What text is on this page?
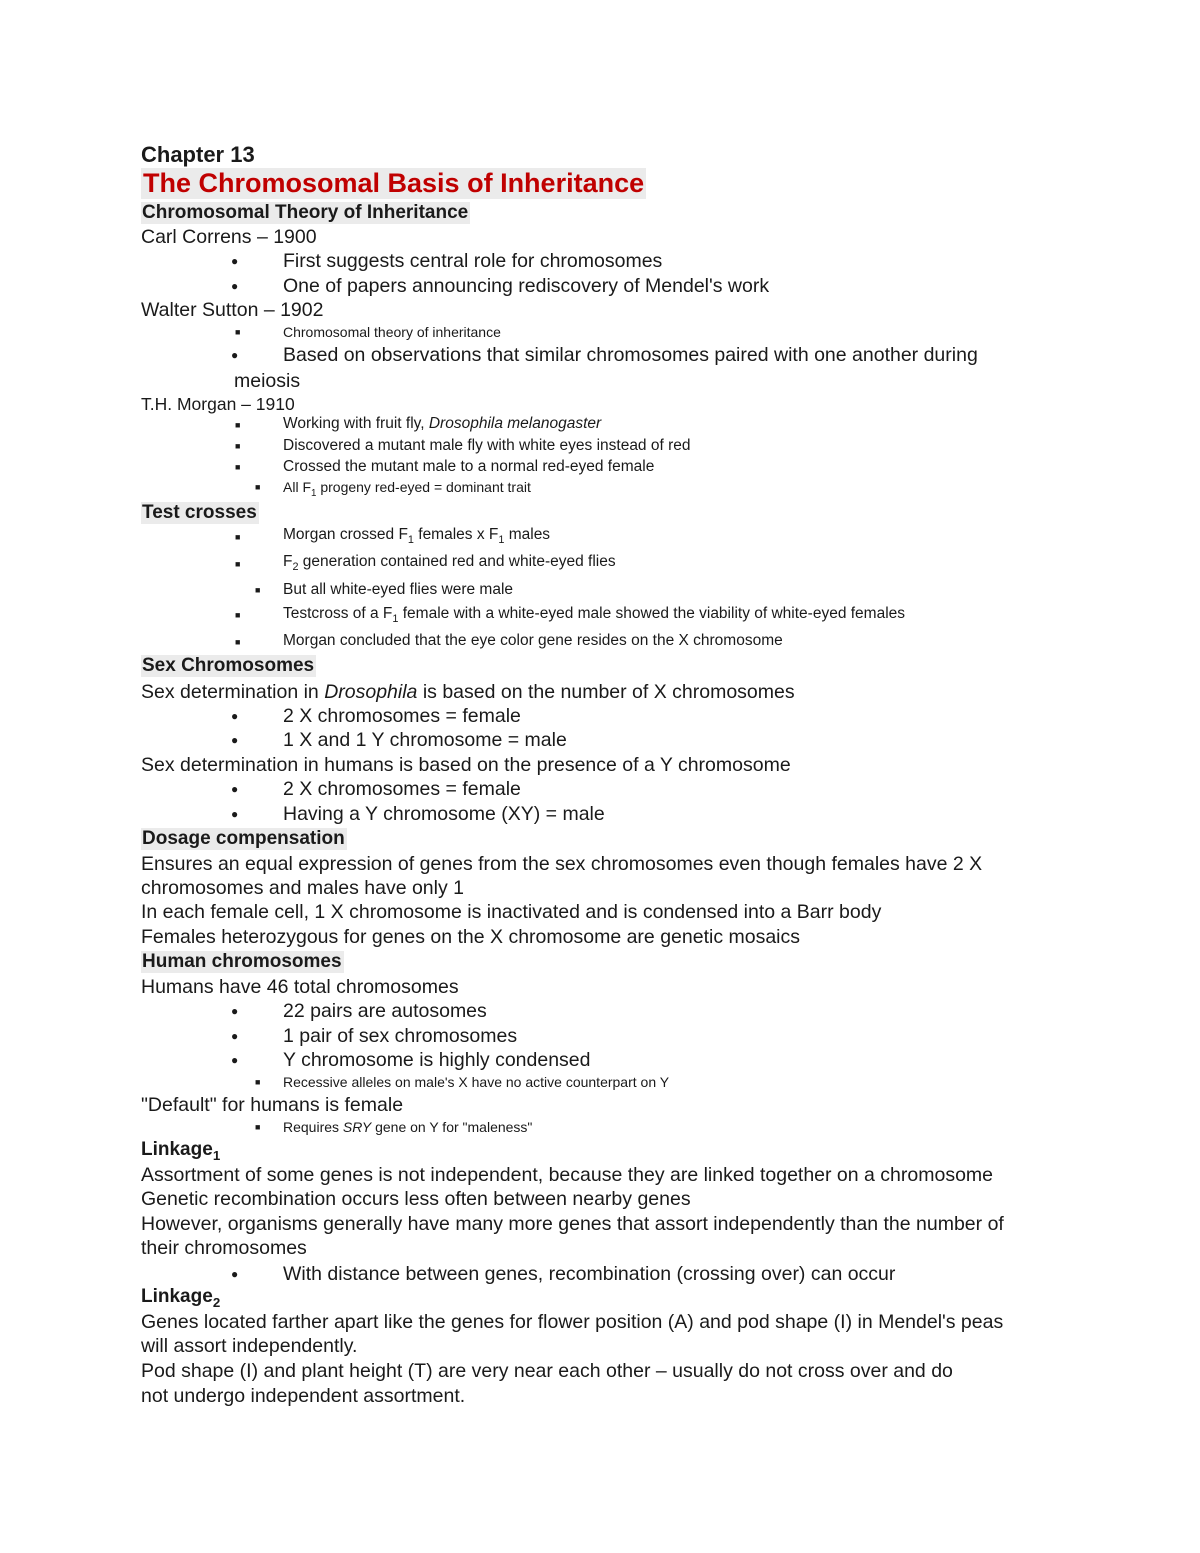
Chapter 13
The Chromosomal Basis of Inheritance
Chromosomal Theory of Inheritance
Carl Correns – 1900
● First suggests central role for chromosomes
● One of papers announcing rediscovery of Mendel's work
Walter Sutton – 1902
■	Chromosomal theory of inheritance
● Based on observations that similar chromosomes paired with one another during
meiosis
T.H. Morgan – 1910
■	Working with fruit fly, Drosophila melanogaster
■	Discovered a mutant male fly with white eyes instead of red
■	Crossed the mutant male to a normal red-eyed female
■ All $F_1$ progeny red-eyed = dominant trait
Test crosses
■	Morgan crossed $F_1$ females x $F_1$ males
■	$F_2$ generation contained red and white-eyed flies
■ But all white-eyed flies were male
■	Testcross of a $F_1$ female with a white-eyed male showed the viability of white-eyed females
■	Morgan concluded that the eye color gene resides on the X chromosome
Sex Chromosomes
Sex determination in Drosophila is based on the number of X chromosomes
● 2 X chromosomes = female
● 1 X and 1 Y chromosome = male
Sex determination in humans is based on the presence of a Y chromosome
● 2 X chromosomes = female
● Having a Y chromosome (XY) = male
Dosage compensation
Ensures an equal expression of genes from the sex chromosomes even though females have 2 X
chromosomes and males have only 1
In each female cell, 1 X chromosome is inactivated and is condensed into a Barr body
Females heterozygous for genes on the X chromosome are genetic mosaics
Human chromosomes
Humans have 46 total chromosomes
● 22 pairs are autosomes
● 1 pair of sex chromosomes
● Y chromosome is highly condensed
■ Recessive alleles on male's X have no active counterpart on Y
"Default" for humans is female
■ Requires SRY gene on Y for "maleness"
Linkage$_1$
Assortment of some genes is not independent, because they are linked together on a chromosome
Genetic recombination occurs less often between nearby genes
However, organisms generally have many more genes that assort independently than the number of
their chromosomes
● With distance between genes, recombination (crossing over) can occur
Linkage$_2$
Genes located farther apart like the genes for flower position (A) and pod shape (I) in Mendel's peas
will assort independently.
Pod shape (I) and plant height (T) are very near each other – usually do not cross over and do
not undergo independent assortment.
